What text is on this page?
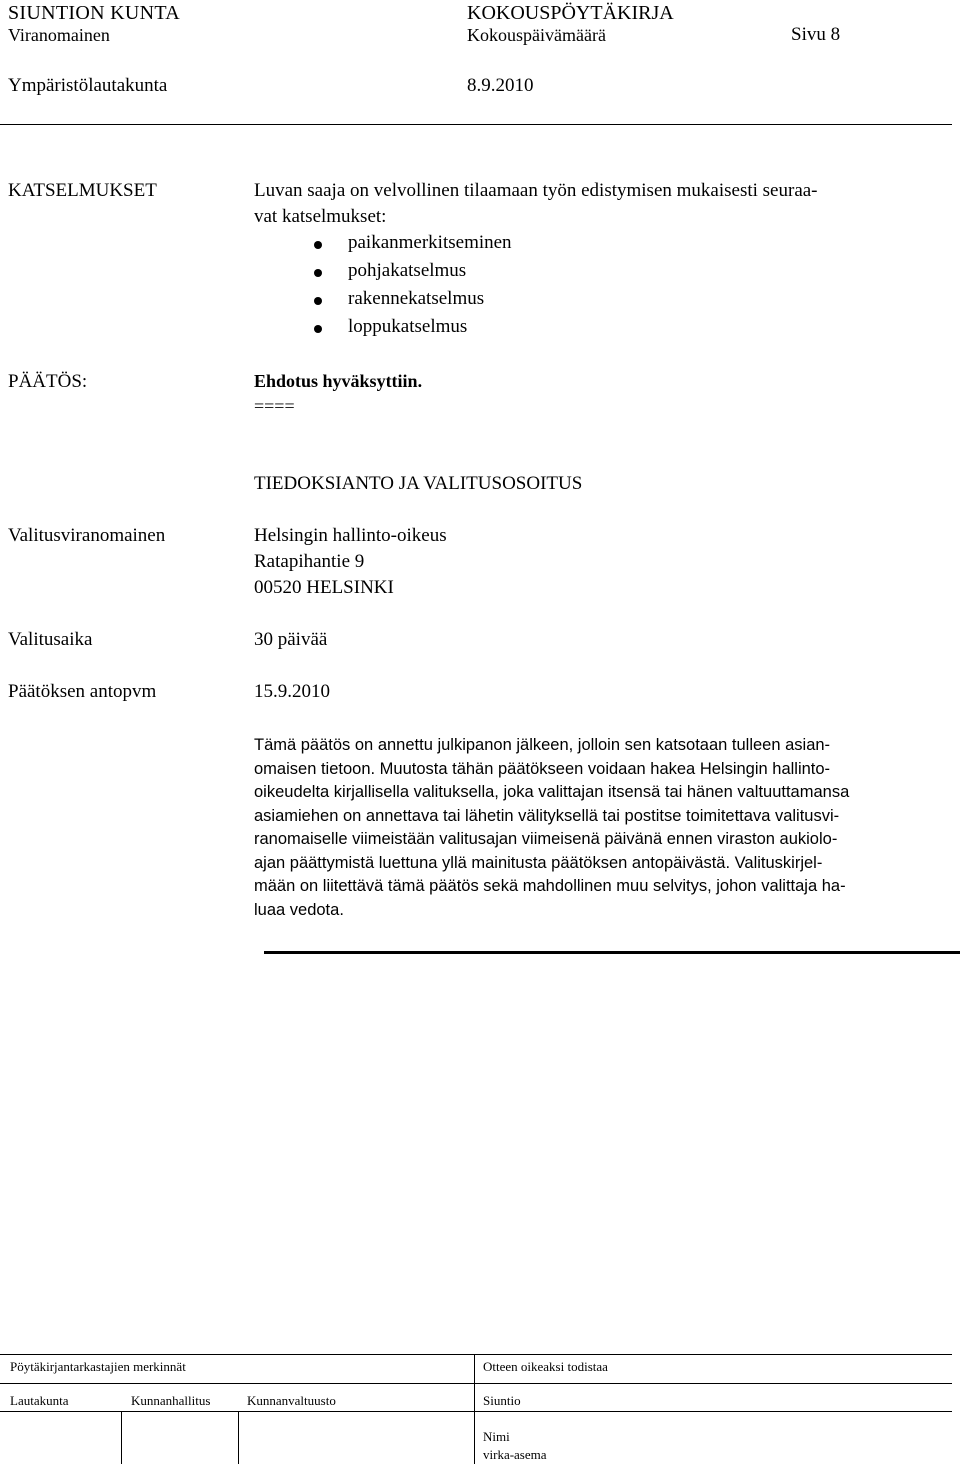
SIUNTION KUNTA	KOKOUSPÖYTÄKIRJA
Viranomainen	Kokouspäivämäärä	Sivu 8
Ympäristölautakunta	8.9.2010
KATSELMUKSET	Luvan saaja on velvollinen tilaamaan työn edistymisen mukaisesti seuraa-
vat katselmukset:
paikanmerkitseminen
pohjakatselmus
rakennekatselmus
loppukatselmus
PÄÄTÖS:	Ehdotus hyväksyttiin.
====
TIEDOKSIANTO JA VALITUSOSOITUS
Valitusviranomainen	Helsingin hallinto-oikeus
Ratapihantie 9
00520 HELSINKI
Valitusaika	30 päivää
Päätöksen antopvm	15.9.2010
Tämä päätös on annettu julkipanon jälkeen, jolloin sen katsotaan tulleen asian-
omaisen tietoon. Muutosta tähän päätökseen voidaan hakea Helsingin hallinto-
oikeudelta kirjallisella valituksella, joka valittajan itsensä tai hänen valtuuttamansa
asiamiehen on annettava tai lähetin välityksellä tai postitse toimitettava valitusvi-
ranomaiselle viimeistään valitusajan viimeisenä päivänä ennen viraston aukiolo-
ajan päättymistä luettuna yllä mainitusta päätöksen antopäivästä. Valituskirjel-
mään on liitettävä tämä päätös sekä mahdollinen muu selvitys, johon valittaja ha-
luaa vedota.
Pöytäkirjantarkastajien merkinnät	Otteen oikeaksi todistaa
Lautakunta	Kunnanhallitus	Kunnanvaltuusto	Siuntio
Nimi
virka-asema
